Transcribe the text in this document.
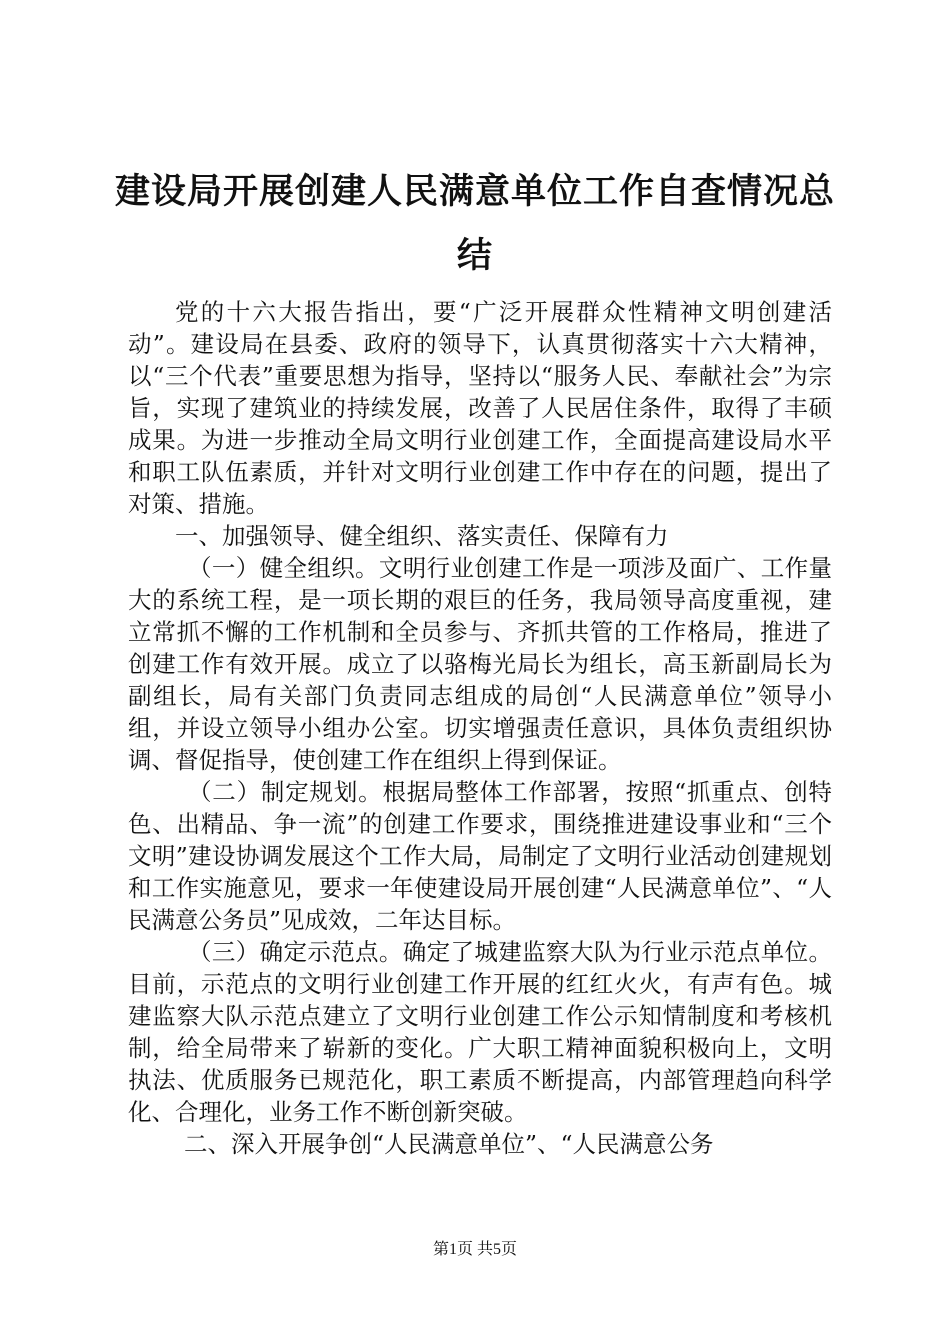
建设局开展创建人民满意单位工作自查情况总结

党的十六大报告指出，要“广泛开展群众性精神文明创建活动”。建设局在县委、政府的领导下，认真贯彻落实十六大精神，以“三个代表”重要思想为指导，坚持以“服务人民、奉献社会”为宗旨，实现了建筑业的持续发展，改善了人民居住条件，取得了丰硕成果。为进一步推动全局文明行业创建工作，全面提高建设局水平和职工队伍素质，并针对文明行业创建工作中存在的问题，提出了对策、措施。

一、加强领导、健全组织、落实责任、保障有力

（一）健全组织。文明行业创建工作是一项涉及面广、工作量大的系统工程，是一项长期的艰巨的任务，我局领导高度重视，建立常抓不懈的工作机制和全员参与、齐抓共管的工作格局，推进了创建工作有效开展。成立了以骆梅光局长为组长，高玉新副局长为副组长，局有关部门负责同志组成的局创“人民满意单位”领导小组，并设立领导小组办公室。切实增强责任意识，具体负责组织协调、督促指导，使创建工作在组织上得到保证。

（二）制定规划。根据局整体工作部署，按照“抓重点、创特色、出精品、争一流”的创建工作要求，围绕推进建设事业和“三个文明”建设协调发展这个工作大局，局制定了文明行业活动创建规划和工作实施意见，要求一年使建设局开展创建“人民满意单位”、“人民满意公务员”见成效，二年达目标。

（三）确定示范点。确定了城建监察大队为行业示范点单位。目前，示范点的文明行业创建工作开展的红红火火，有声有色。城建监察大队示范点建立了文明行业创建工作公示知情制度和考核机制，给全局带来了崭新的变化。广大职工精神面貌积极向上，文明执法、优质服务已规范化，职工素质不断提高，内部管理趋向科学化、合理化，业务工作不断创新突破。

二、深入开展争创“人民满意单位”、“人民满意公务

第1页 共5页
